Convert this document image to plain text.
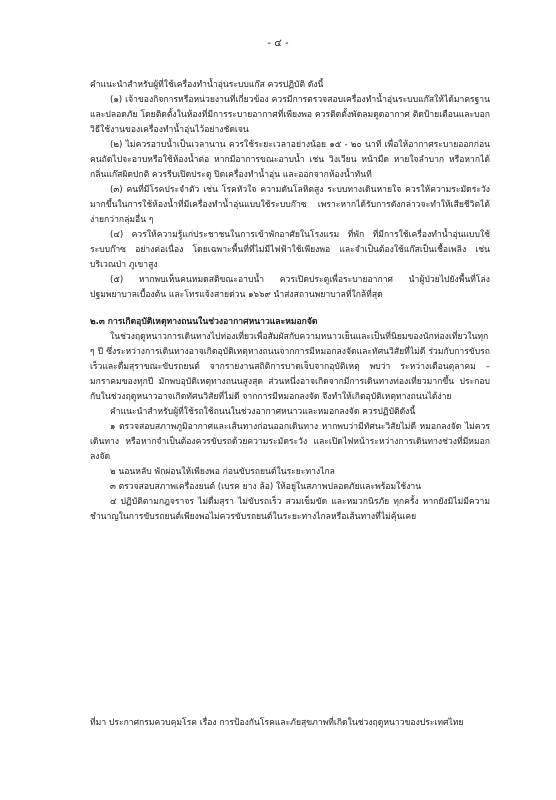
- ๔ -

คำแนะนำสำหรับผู้ที่ใช้เครื่องทำน้ำอุ่นระบบแก๊ส ควรปฏิบัติ ดังนี้

(๑) เจ้าของกิจการหรือหน่วยงานที่เกี่ยวข้อง ควรมีการตรวจสอบเครื่องทำน้ำอุ่นระบบแก๊สให้ได้มาตรฐานและปลอดภัย โดยติดตั้งในห้องที่มีการระบายอากาศที่เพียงพอ ควรติดตั้งพัดลมดูดอากาศ ติดป้ายเตือนและบอกวิธีใช้งานของเครื่องทำน้ำอุ่นไว้อย่างชัดเจน

(๒) ไม่ควรอาบน้ำเป็นเวลานาน ควรใช้ระยะเวลาอย่างน้อย ๑๕ - ๒๐ นาที เพื่อให้อากาศระบายออกก่อนคนถัดไปจะอาบหรือใช้ห้องน้ำต่อ หากมีอาการขณะอาบน้ำ เช่น วิงเวียน หน้ามืด หายใจลำบาก หรือหากได้กลิ่นแก๊สผิดปกติ ควรรีบเปิดประตู ปิดเครื่องทำน้ำอุ่น และออกจากห้องน้ำทันที

(๓) คนที่มีโรคประจำตัว เช่น โรคหัวใจ ความดันโลหิตสูง ระบบทางเดินหายใจ ควรให้ความระมัดระวังมากขึ้นในการใช้ห้องน้ำที่มีเครื่องทำน้ำอุ่นแบบใช้ระบบก๊าซ เพราะหากได้รับการดังกล่าวจะทำให้เสียชีวิตได้ง่ายกว่ากลุ่มอื่น ๆ

(๔) ควรให้ความรู้แก่ประชาชนในการเข้าพักอาศัยในโรงแรม ที่พัก ที่มีการใช้เครื่องทำน้ำอุ่นแบบใช้ระบบก๊าซ อย่างต่อเนื่อง โดยเฉพาะพื้นที่ที่ไม่มีไฟฟ้าใช้เพียงพอ และจำเป็นต้องใช้แก๊สเป็นเชื้อเพลิง เช่น บริเวณป่า ภูเขาสูง

(๕) หากพบเห็นคนหมดสติขณะอาบน้ำ ควรเปิดประตูเพื่อระบายอากาศ นำผู้ป่วยไปยังพื้นที่โล่ง ปฐมพยาบาลเบื้องต้น และโทรแจ้งสายด่วน ๑๖๖๙ นำส่งสถานพยาบาลที่ใกล้ที่สุด

๒.๓ การเกิดอุบัติเหตุทางถนนในช่วงอากาศหนาวและหมอกจัด

ในช่วงฤดูหนาวการเดินทางไปท่องเที่ยวเพื่อสัมผัสกับความหนาวเย็นและเป็นที่นิยมของนักท่องเที่ยวในทุก ๆ ปี ซึ่งระหว่างการเดินทางอาจเกิดอุบัติเหตุทางถนนจากการมีหมอกลงจัดและทัศนวิสัยที่ไม่ดี ร่วมกับการขับรถเร็วและดื่มสุราขณะขับรถยนต์ จากรายงานสถิติการบาดเจ็บจากอุบัติเหตุ พบว่า ระหว่างเดือนตุลาคม – มกราคมของทุกปี มักพบอุบัติเหตุทางถนนสูงสุด ส่วนหนึ่งอาจเกิดจากมีการเดินทางท่องเที่ยวมากขึ้น ประกอบกับในช่วงฤดูหนาวอาจเกิดทัศนวิสัยที่ไม่ดี จากการมีหมอกลงจัด จึงทำให้เกิดอุบัติเหตุทางถนนได้ง่าย

คำแนะนำสำหรับผู้ที่ใช้รถใช้ถนนในช่วงอากาศหนาวและหมอกลงจัด ควรปฏิบัติดังนี้

๑ ตรวจสอบสภาพภูมิอากาศและเส้นทางก่อนออกเดินทาง หากพบว่ามีทัศนะวิสัยไม่ดี หมอกลงจัด ไม่ควรเดินทาง หรือหากจำเป็นต้องควรขับรถด้วยความระมัดระวัง และเปิดไฟหน้าระหว่างการเดินทางช่วงที่มีหมอกลงจัด

๒ นอนหลับ พักผ่อนให้เพียงพอ ก่อนขับรถยนต์ในระยะทางไกล

๓ ตรวจสอบสภาพเครื่องยนต์ (เบรค ยาง ล้อ) ให้อยู่ในสภาพปลอดภัยและพร้อมใช้งาน

๔ ปฏิบัติตามกฎจราจร ไม่ดื่มสุรา ไม่ขับรถเร็ว สวมเข็มขัด และหมวกนิรภัย ทุกครั้ง หากยังมิไม่มีความชำนาญในการขับรถยนต์เพียงพอไม่ควรขับรถยนต์ในระยะทางไกลหรือเส้นทางที่ไม่คุ้นเคย

ที่มา ประกาศกรมควบคุมโรค เรื่อง การป้องกันโรคและภัยสุขภาพที่เกิดในช่วงฤดูหนาวของประเทศไทย
